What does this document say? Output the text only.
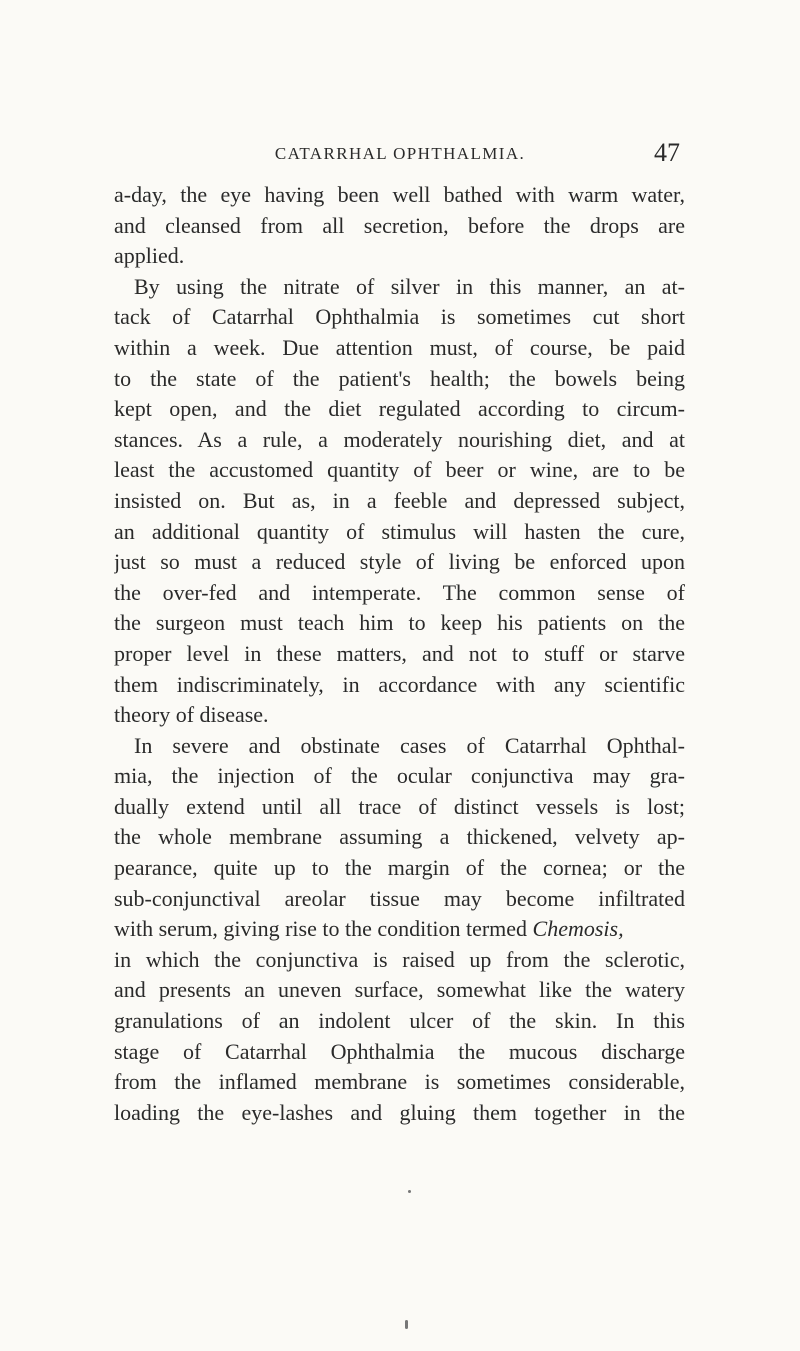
CATARRHAL OPHTHALMIA.	47
a-day, the eye having been well bathed with warm water,
and cleansed from all secretion, before the drops are
applied.
By using the nitrate of silver in this manner, an at-
tack of Catarrhal Ophthalmia is sometimes cut short
within a week. Due attention must, of course, be paid
to the state of the patient's health; the bowels being
kept open, and the diet regulated according to circum-
stances. As a rule, a moderately nourishing diet, and at
least the accustomed quantity of beer or wine, are to be
insisted on. But as, in a feeble and depressed subject,
an additional quantity of stimulus will hasten the cure,
just so must a reduced style of living be enforced upon
the over-fed and intemperate. The common sense of
the surgeon must teach him to keep his patients on the
proper level in these matters, and not to stuff or starve
them indiscriminately, in accordance with any scientific
theory of disease.
In severe and obstinate cases of Catarrhal Ophthal-
mia, the injection of the ocular conjunctiva may gra-
dually extend until all trace of distinct vessels is lost;
the whole membrane assuming a thickened, velvety ap-
pearance, quite up to the margin of the cornea; or the
sub-conjunctival areolar tissue may become infiltrated
with serum, giving rise to the condition termed Chemosis,
in which the conjunctiva is raised up from the sclerotic,
and presents an uneven surface, somewhat like the watery
granulations of an indolent ulcer of the skin. In this
stage of Catarrhal Ophthalmia the mucous discharge
from the inflamed membrane is sometimes considerable,
loading the eye-lashes and gluing them together in the
